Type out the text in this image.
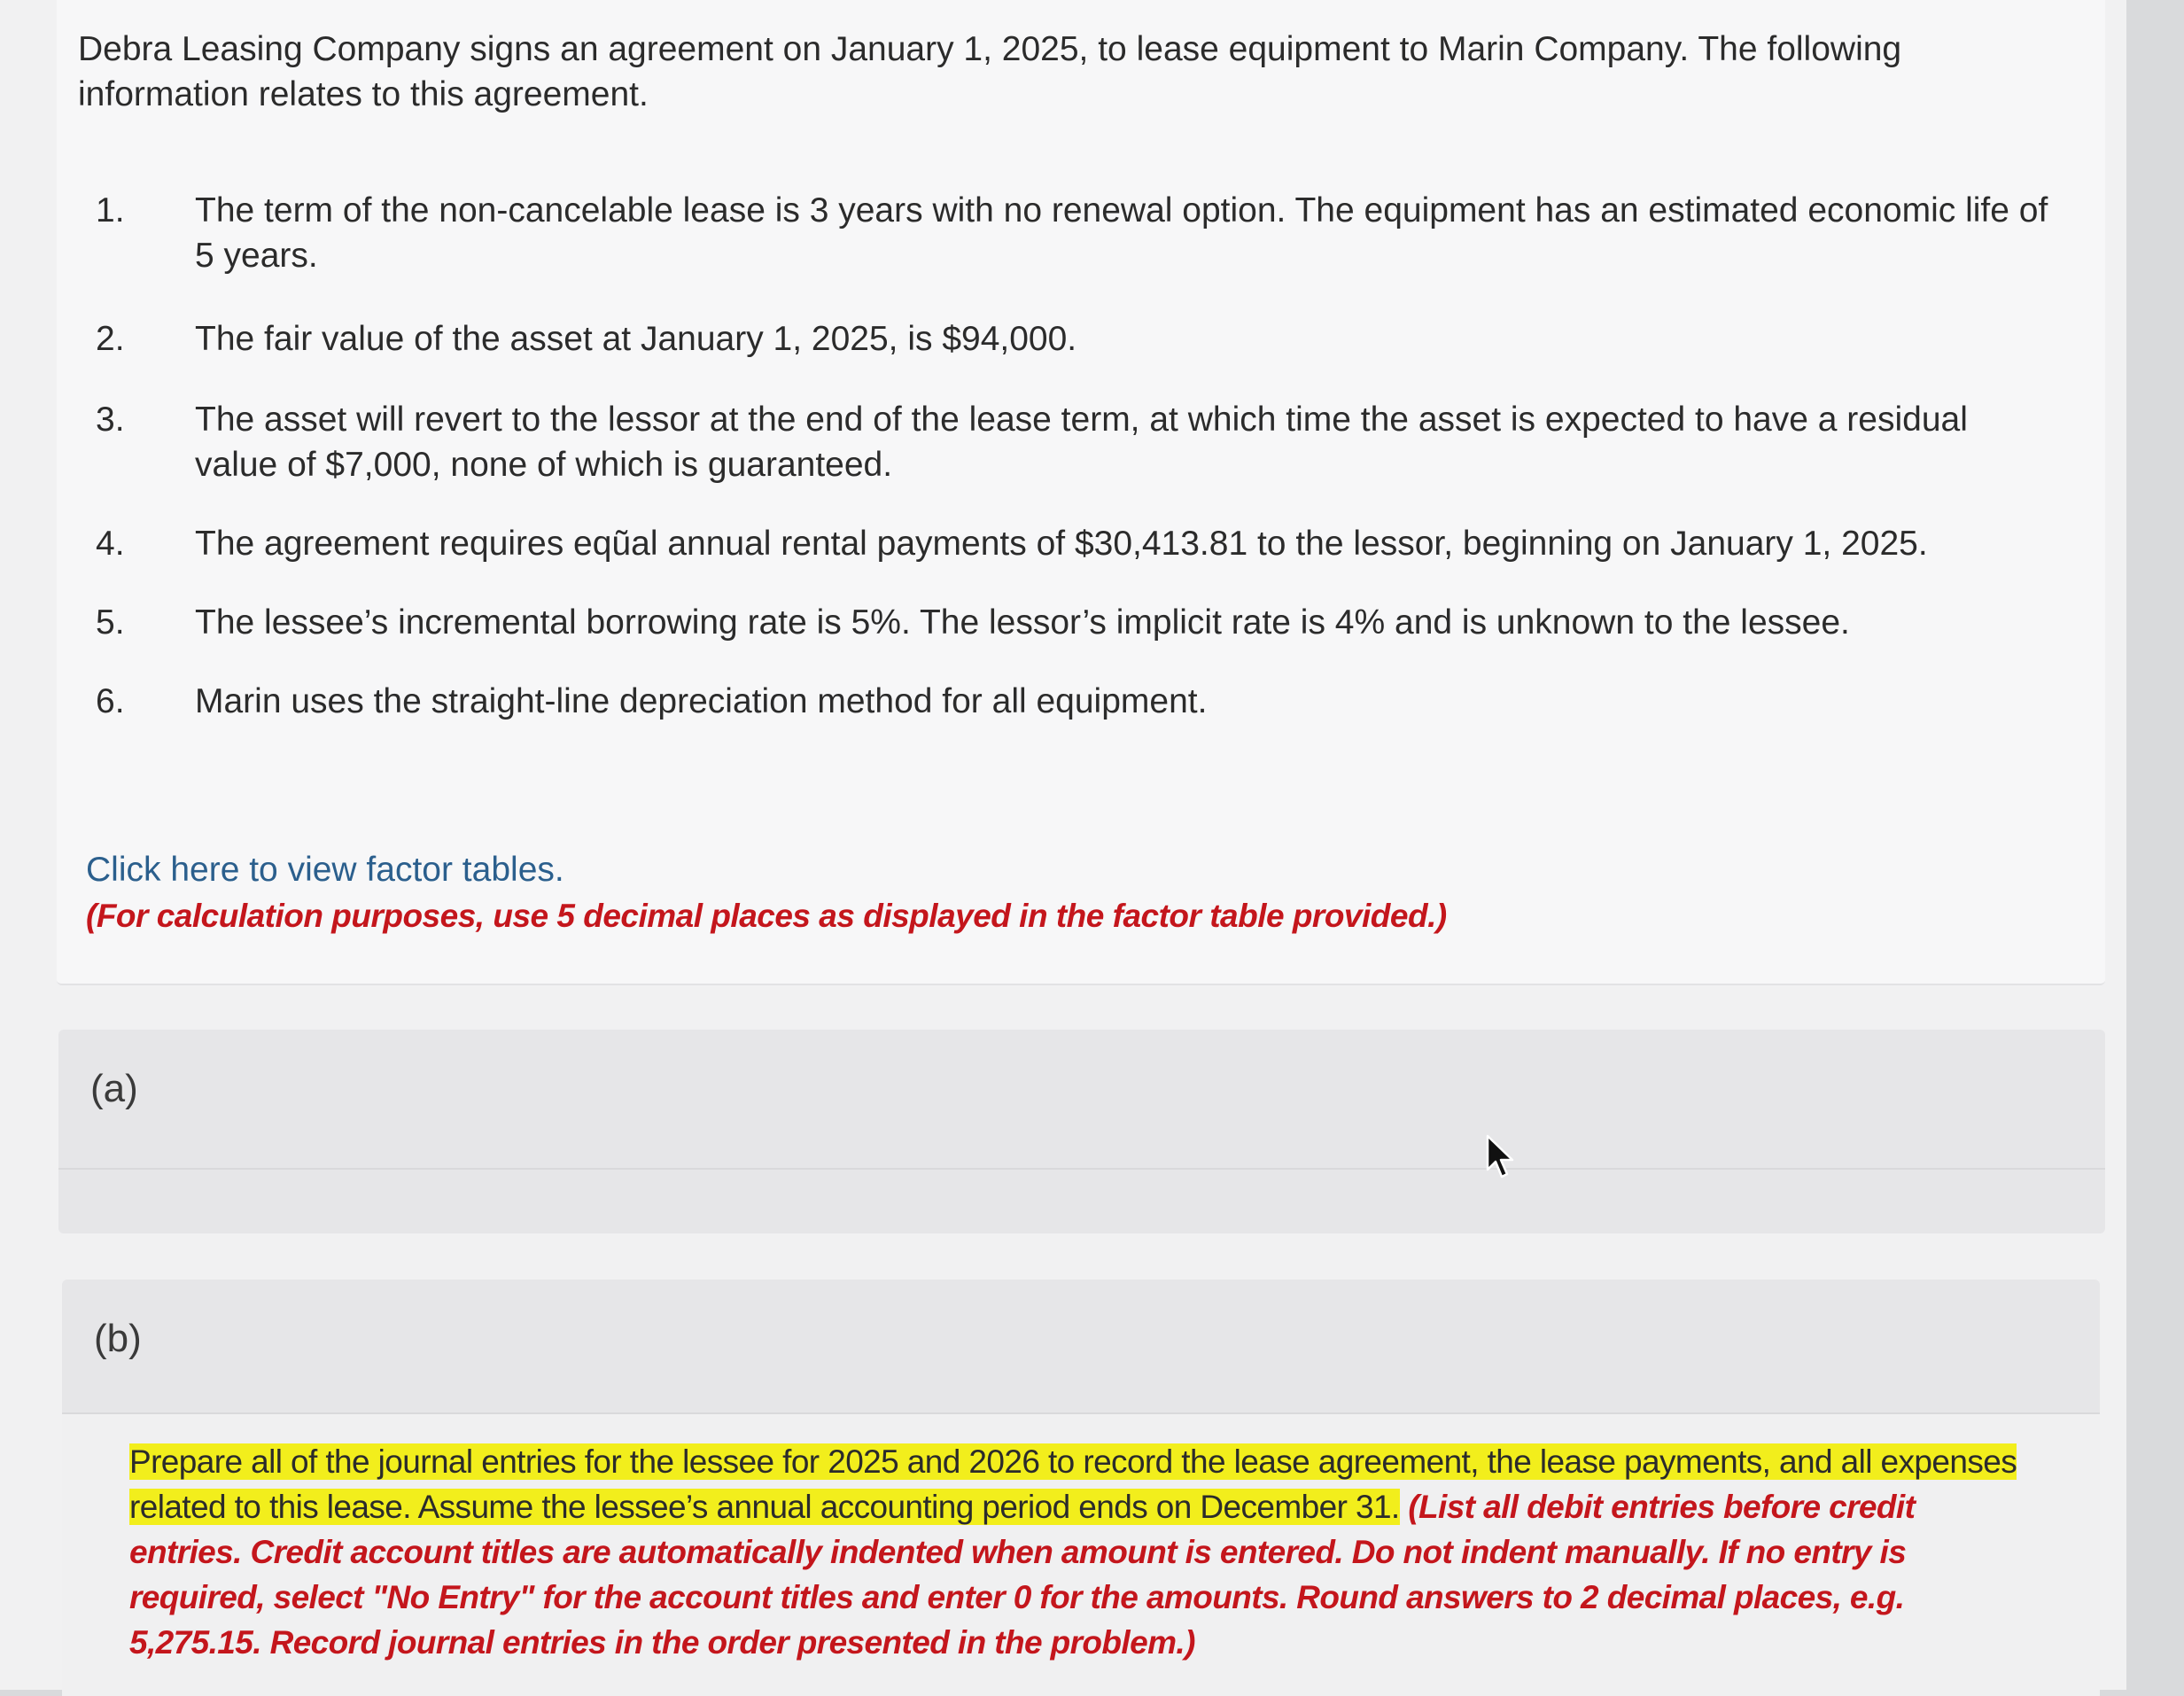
Debra Leasing Company signs an agreement on January 1, 2025, to lease equipment to Marin Company. The following information relates to this agreement.

1.	The term of the non-cancelable lease is 3 years with no renewal option. The equipment has an estimated economic life of 5 years.
2.	The fair value of the asset at January 1, 2025, is $94,000.
3.	The asset will revert to the lessor at the end of the lease term, at which time the asset is expected to have a residual value of $7,000, none of which is guaranteed.
4.	The agreement requires eqũal annual rental payments of $30,413.81 to the lessor, beginning on January 1, 2025.
5.	The lessee’s incremental borrowing rate is 5%. The lessor’s implicit rate is 4% and is unknown to the lessee.
6.	Marin uses the straight-line depreciation method for all equipment.
Click here to view factor tables.
(For calculation purposes, use 5 decimal places as displayed in the factor table provided.)
(a)
(b)
Prepare all of the journal entries for the lessee for 2025 and 2026 to record the lease agreement, the lease payments, and all expenses related to this lease. Assume the lessee’s annual accounting period ends on December 31. (List all debit entries before credit entries. Credit account titles are automatically indented when amount is entered. Do not indent manually. If no entry is required, select "No Entry" for the account titles and enter 0 for the amounts. Round answers to 2 decimal places, e.g. 5,275.15. Record journal entries in the order presented in the problem.)
